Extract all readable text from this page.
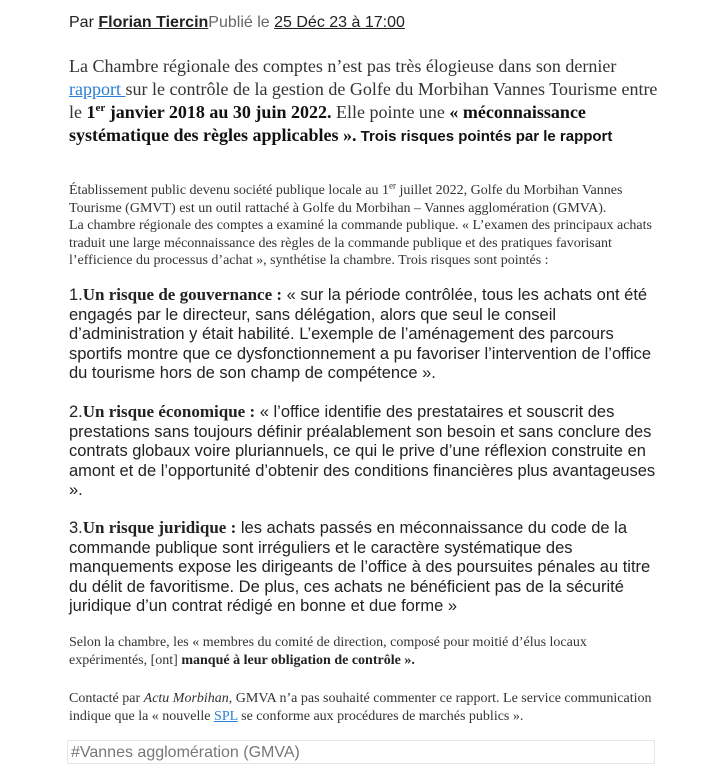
Par Florian TiercinPublié le 25 Déc 23 à 17:00
La Chambre régionale des comptes n’est pas très élogieuse dans son dernier rapport sur le contrôle de la gestion de Golfe du Morbihan Vannes Tourisme entre le 1er janvier 2018 au 30 juin 2022. Elle pointe une « méconnaissance systématique des règles applicables ». Trois risques pointés par le rapport
Établissement public devenu société publique locale au 1er juillet 2022, Golfe du Morbihan Vannes Tourisme (GMVT) est un outil rattaché à Golfe du Morbihan – Vannes agglomération (GMVA).
La chambre régionale des comptes a examiné la commande publique. « L’examen des principaux achats traduit une large méconnaissance des règles de la commande publique et des pratiques favorisant l’efficience du processus d’achat », synthétise la chambre. Trois risques sont pointés :
1.Un risque de gouvernance : « sur la période contrôlée, tous les achats ont été engagés par le directeur, sans délégation, alors que seul le conseil d’administration y était habilité. L’exemple de l’aménagement des parcours sportifs montre que ce dysfonctionnement a pu favoriser l’intervention de l’office du tourisme hors de son champ de compétence ».
2.Un risque économique : « l’office identifie des prestataires et souscrit des prestations sans toujours définir préalablement son besoin et sans conclure des contrats globaux voire pluriannuels, ce qui le prive d’une réflexion construite en amont et de l’opportunité d’obtenir des conditions financières plus avantageuses ».
3.Un risque juridique : les achats passés en méconnaissance du code de la commande publique sont irréguliers et le caractère systématique des manquements expose les dirigeants de l’office à des poursuites pénales au titre du délit de favoritisme. De plus, ces achats ne bénéficient pas de la sécurité juridique d’un contrat rédigé en bonne et due forme »
Selon la chambre, les « membres du comité de direction, composé pour moitié d’élus locaux expérimentés, [ont] manqué à leur obligation de contrôle ».
Contacté par Actu Morbihan, GMVA n’a pas souhaité commenter ce rapport. Le service communication indique que la « nouvelle SPL se conforme aux procédures de marchés publics ».
#Vannes agglomération (GMVA)
